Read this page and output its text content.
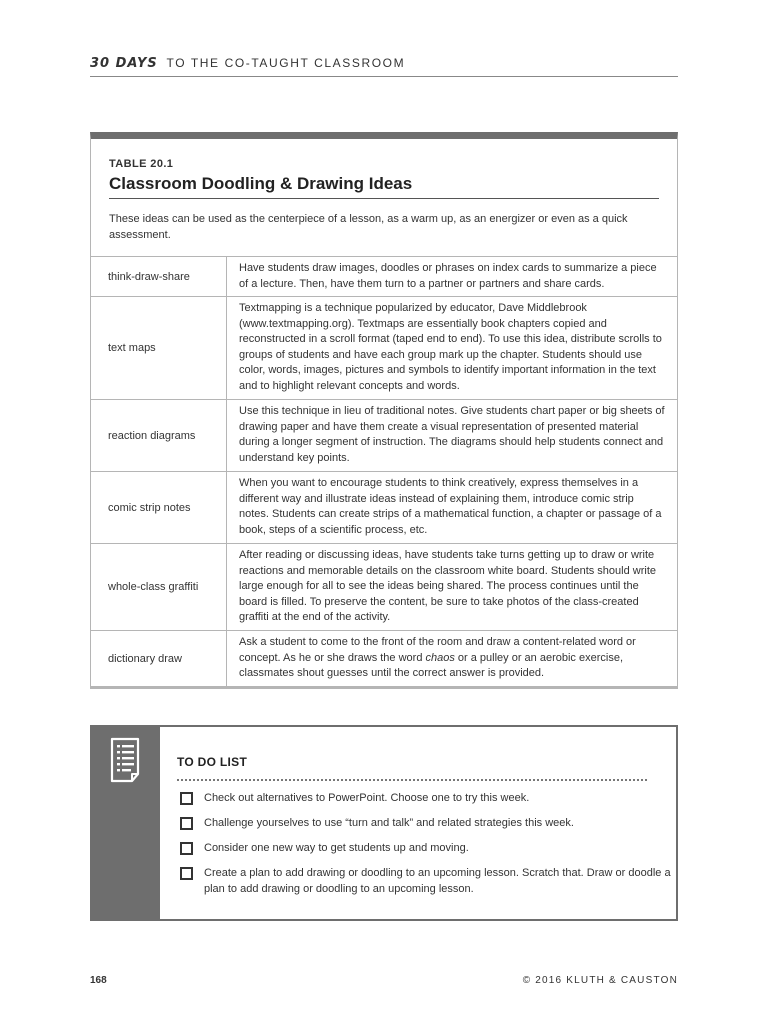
30 DAYS TO THE CO-TAUGHT CLASSROOM
TABLE 20.1
Classroom Doodling & Drawing Ideas
These ideas can be used as the centerpiece of a lesson, as a warm up, as an energizer or even as a quick assessment.
think-draw-share
Have students draw images, doodles or phrases on index cards to summarize a piece of a lecture. Then, have them turn to a partner or partners and share cards.
text maps
Textmapping is a technique popularized by educator, Dave Middlebrook (www.textmapping.org). Textmaps are essentially book chapters copied and reconstructed in a scroll format (taped end to end). To use this idea, distribute scrolls to groups of students and have each group mark up the chapter. Students should use color, words, images, pictures and symbols to identify important information in the text and to highlight relevant concepts and words.
reaction diagrams
Use this technique in lieu of traditional notes. Give students chart paper or big sheets of drawing paper and have them create a visual representation of presented material during a longer segment of instruction. The diagrams should help students connect and understand key points.
comic strip notes
When you want to encourage students to think creatively, express themselves in a different way and illustrate ideas instead of explaining them, introduce comic strip notes. Students can create strips of a mathematical function, a chapter or passage of a book, steps of a scientific process, etc.
whole-class graffiti
After reading or discussing ideas, have students take turns getting up to draw or write reactions and memorable details on the classroom white board. Students should write large enough for all to see the ideas being shared. The process continues until the board is filled. To preserve the content, be sure to take photos of the class-created graffiti at the end of the activity.
dictionary draw
Ask a student to come to the front of the room and draw a content-related word or concept. As he or she draws the word chaos or a pulley or an aerobic exercise, classmates shout guesses until the correct answer is provided.
TO DO LIST
Check out alternatives to PowerPoint. Choose one to try this week.
Challenge yourselves to use “turn and talk” and related strategies this week.
Consider one new way to get students up and moving.
Create a plan to add drawing or doodling to an upcoming lesson. Scratch that. Draw or doodle a plan to add drawing or doodling to an upcoming lesson.
168	© 2016 KLUTH & CAUSTON
